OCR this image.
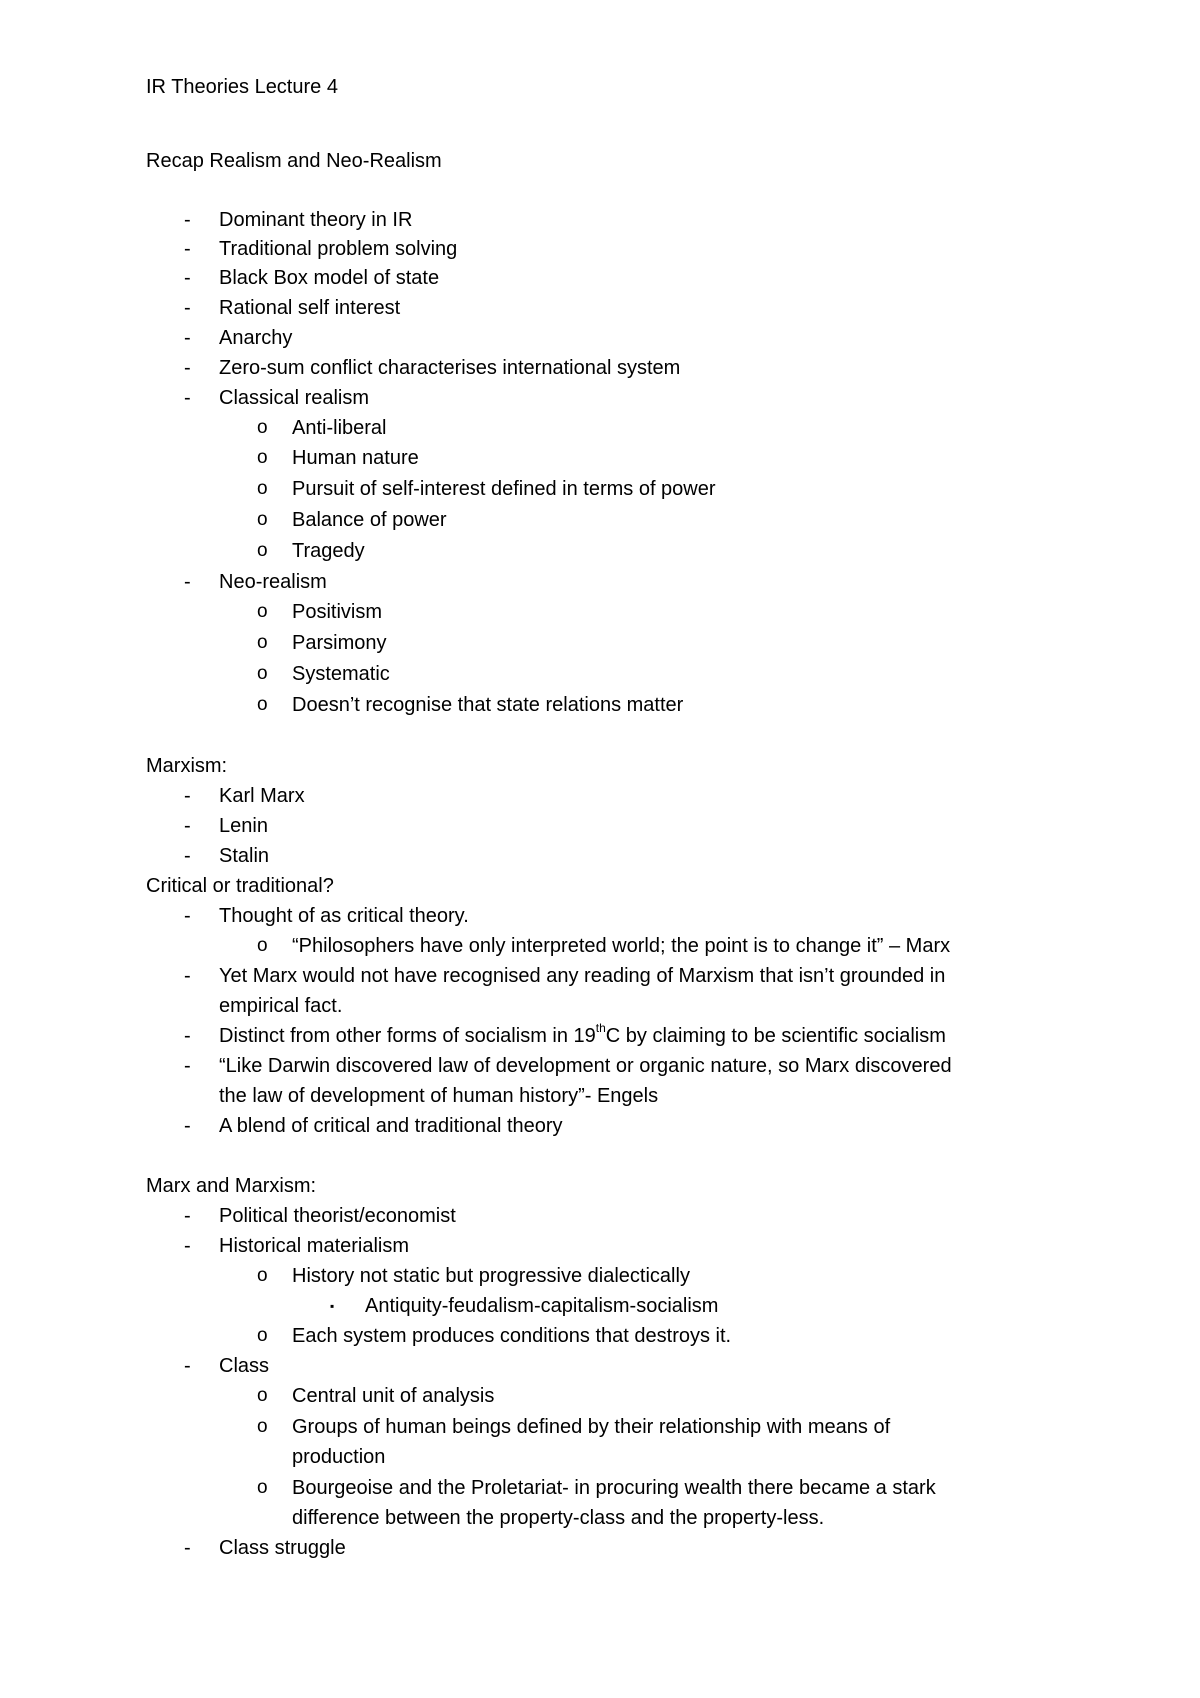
IR Theories Lecture 4
Recap Realism and Neo-Realism
- Dominant theory in IR
- Traditional problem solving
- Black Box model of state
- Rational self interest
- Anarchy
- Zero-sum conflict characterises international system
- Classical realism
o Anti-liberal
o Human nature
o Pursuit of self-interest defined in terms of power
o Balance of power
o Tragedy
- Neo-realism
o Positivism
o Parsimony
o Systematic
o Doesn’t recognise that state relations matter
Marxism:
- Karl Marx
- Lenin
- Stalin
Critical or traditional?
- Thought of as critical theory.
o “Philosophers have only interpreted world; the point is to change it” – Marx
- Yet Marx would not have recognised any reading of Marxism that isn’t grounded in
empirical fact.
- Distinct from other forms of socialism in 19thC by claiming to be scientific socialism
- “Like Darwin discovered law of development or organic nature, so Marx discovered
the law of development of human history”- Engels
- A blend of critical and traditional theory
Marx and Marxism:
- Political theorist/economist
- Historical materialism
o History not static but progressive dialectically
▪ Antiquity-feudalism-capitalism-socialism
o Each system produces conditions that destroys it.
- Class
o Central unit of analysis
o Groups of human beings defined by their relationship with means of
production
o Bourgeoise and the Proletariat- in procuring wealth there became a stark
difference between the property-class and the property-less.
- Class struggle
